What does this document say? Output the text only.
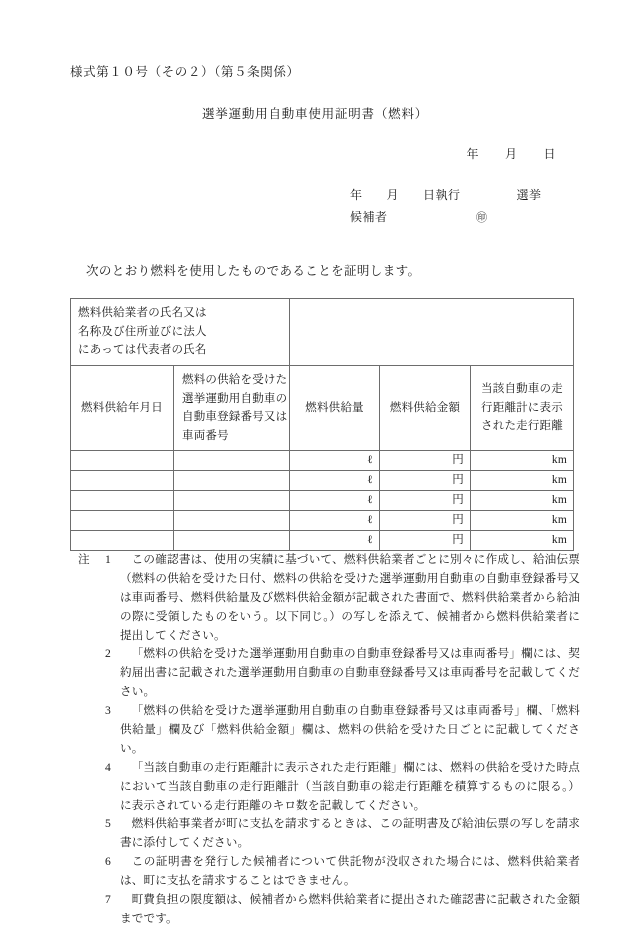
様式第１０号（その２）（第５条関係）
選挙運動用自動車使用証明書（燃料）
年 月 日
年 月 日執行	選挙
候補者	㊞
次のとおり燃料を使用したものであることを証明します。
燃料供給業者の氏名又は
名称及び住所並びに法人
にあっては代表者の氏名				

燃料供給年月日	燃料の供給を受けた
選挙運動用自動車の
自動車登録番号又は
車両番号	燃料供給量	燃料供給金額	当該自動車の走
行距離計に表示
された走行距離

		ℓ	円	km
		ℓ	円	km
		ℓ	円	km
		ℓ	円	km
		ℓ	円	km
注 1	この確認書は、使用の実績に基づいて、燃料供給業者ごとに別々に作成し、給油伝票（燃料の供給を受けた日付、燃料の供給を受けた選挙運動用自動車の自動車登録番号又は車両番号、燃料供給量及び燃料供給金額が記載された書面で、燃料供給業者から給油の際に受領したものをいう。以下同じ。）の写しを添えて、候補者から燃料供給業者に提出してください。
2	「燃料の供給を受けた選挙運動用自動車の自動車登録番号又は車両番号」欄には、契約届出書に記載された選挙運動用自動車の自動車登録番号又は車両番号を記載してください。
3	「燃料の供給を受けた選挙運動用自動車の自動車登録番号又は車両番号」欄、「燃料供給量」欄及び「燃料供給金額」欄は、燃料の供給を受けた日ごとに記載してください。
4	「当該自動車の走行距離計に表示された走行距離」欄には、燃料の供給を受けた時点において当該自動車の走行距離計（当該自動車の総走行距離を積算するものに限る。）に表示されている走行距離のキロ数を記載してください。
5	燃料供給事業者が町に支払を請求するときは、この証明書及び給油伝票の写しを請求書に添付してください。
6	この証明書を発行した候補者について供託物が没収された場合には、燃料供給業者は、町に支払を請求することはできません。
7	町費負担の限度額は、候補者から燃料供給業者に提出された確認書に記載された金額までです。
